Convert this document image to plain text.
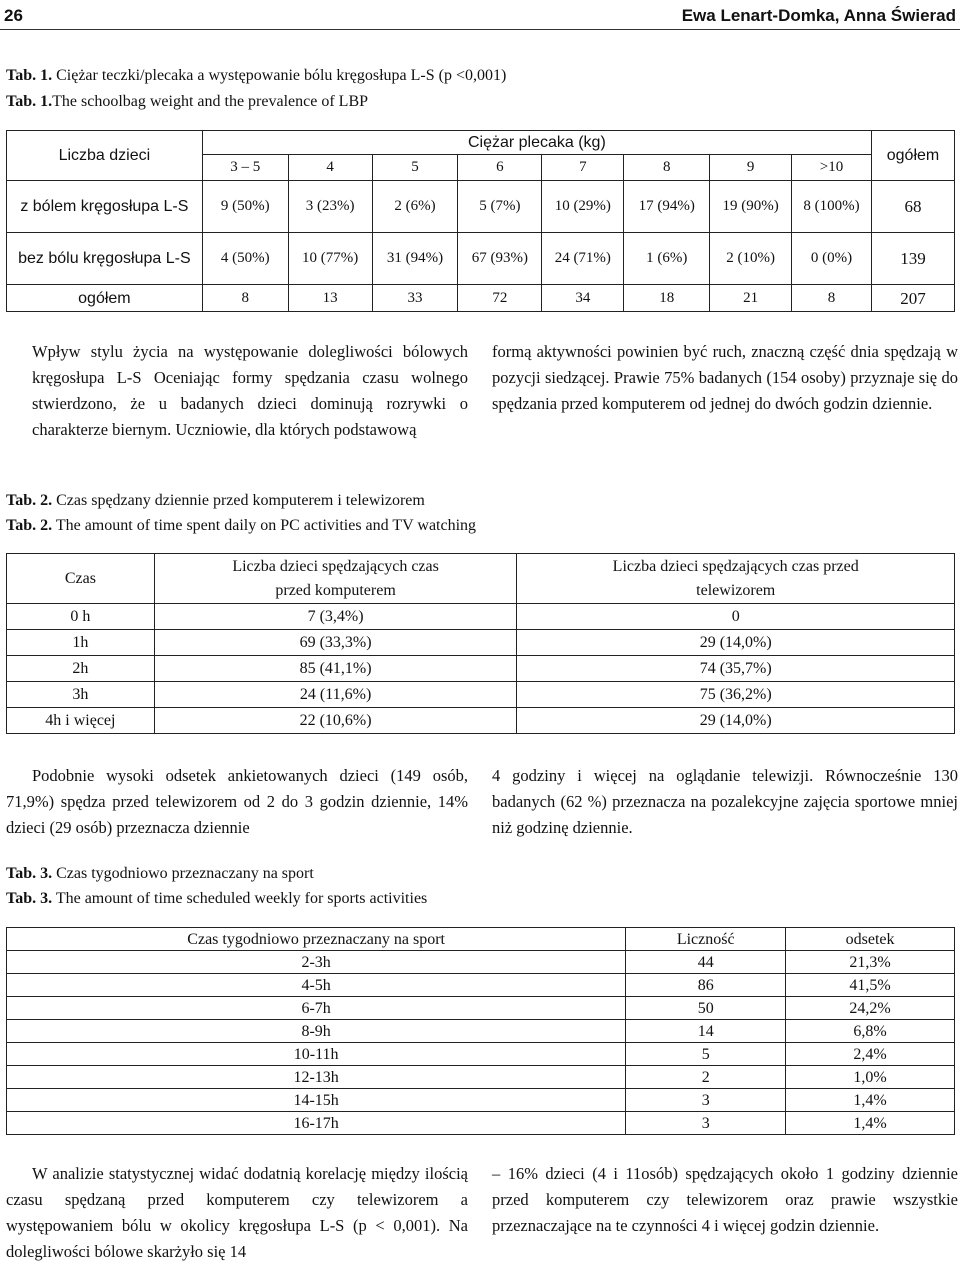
26	Ewa Lenart-Domka, Anna Świerad
Tab. 1. Ciężar teczki/plecaka a występowanie bólu kręgosłupa L-S (p <0,001)
Tab. 1.The schoolbag weight and the prevalence of LBP
Liczba dzieci	Ciężar plecaka (kg)								ogółem
	3 – 5	4	5	6	7	8	9	>10	
z bólem kręgosłupa L-S	9 (50%)	3 (23%)	2 (6%)	5 (7%)	10 (29%)	17 (94%)	19 (90%)	8 (100%)	68
bez bólu kręgosłupa L-S	4 (50%)	10 (77%)	31 (94%)	67 (93%)	24 (71%)	1 (6%)	2 (10%)	0 (0%)	139
ogółem	8	13	33	72	34	18	21	8	207

Wpływ stylu życia na występowanie dolegliwości bólowych kręgosłupa L-S Oceniając formy spędzania czasu wolnego stwierdzono, że u badanych dzieci dominują rozrywki o charakterze biernym. Uczniowie, dla których podstawową

formą aktywności powinien być ruch, znaczną część dnia spędzają w pozycji siedzącej. Prawie 75% badanych (154 osoby) przyznaje się do spędzania przed komputerem od jednej do dwóch godzin dziennie.

Tab. 2. Czas spędzany dziennie przed komputerem i telewizorem
Tab. 2. The amount of time spent daily on PC activities and TV watching
Czas	Liczba dzieci spędzających czas przed komputerem	Liczba dzieci spędzających czas przed telewizorem
0 h	7 (3,4%)	0
1h	69 (33,3%)	29 (14,0%)
2h	85 (41,1%)	74 (35,7%)
3h	24 (11,6%)	75 (36,2%)
4h i więcej	22 (10,6%)	29 (14,0%)

Podobnie wysoki odsetek ankietowanych dzieci (149 osób, 71,9%) spędza przed telewizorem od 2 do 3 godzin dziennie, 14% dzieci (29 osób) przeznacza dziennie

4 godziny i więcej na oglądanie telewizji. Równocześnie 130 badanych (62 %) przeznacza na pozalekcyjne zajęcia sportowe mniej niż godzinę dziennie.

Tab. 3. Czas tygodniowo przeznaczany na sport
Tab. 3. The amount of time scheduled weekly for sports activities
Czas tygodniowo przeznaczany na sport	Liczność	odsetek
2-3h	44	21,3%
4-5h	86	41,5%
6-7h	50	24,2%
8-9h	14	6,8%
10-11h	5	2,4%
12-13h	2	1,0%
14-15h	3	1,4%
16-17h	3	1,4%

W analizie statystycznej widać dodatnią korelację między ilością czasu spędzaną przed komputerem czy telewizorem a występowaniem bólu w okolicy kręgosłupa L-S (p < 0,001). Na dolegliwości bólowe skarżyło się 14

– 16% dzieci (4 i 11osób) spędzających około 1 godziny dziennie przed komputerem czy telewizorem oraz prawie wszystkie przeznaczające na te czynności 4 i więcej godzin dziennie.
